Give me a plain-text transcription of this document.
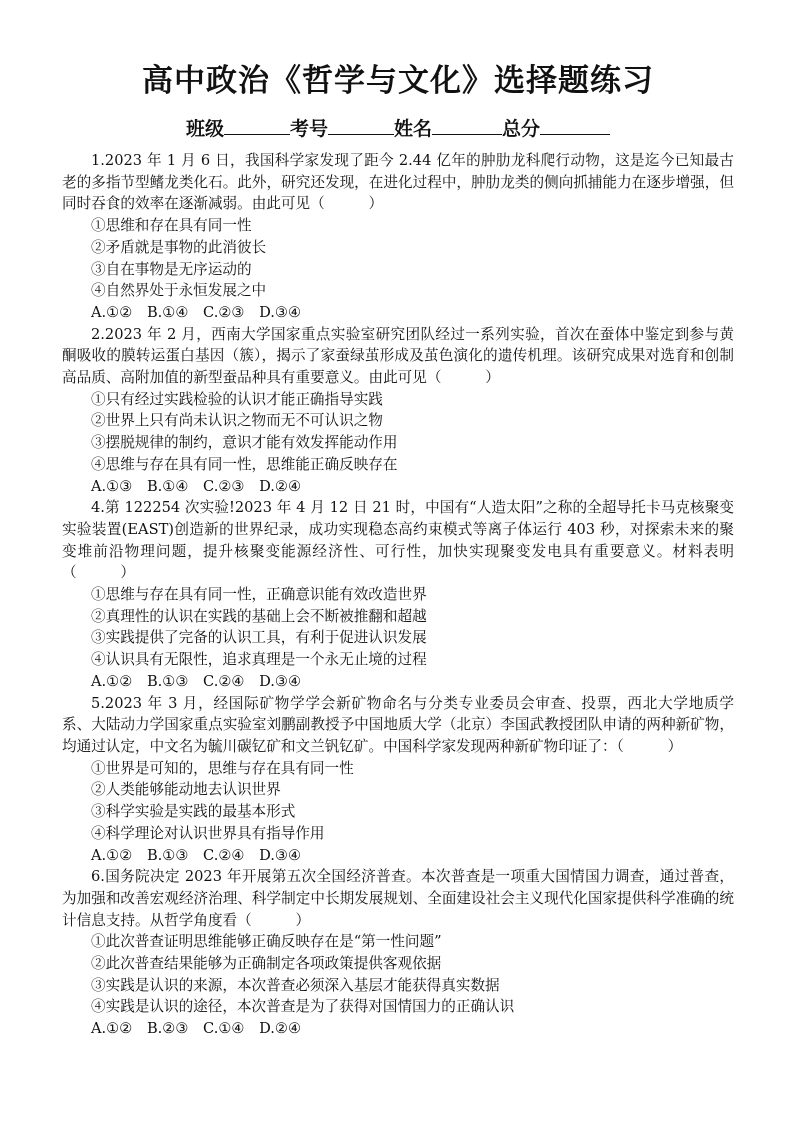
高中政治《哲学与文化》选择题练习
班级	考号	姓名	总分

1.2023 年 1 月 6 日，我国科学家发现了距今 2.44 亿年的肿肋龙科爬行动物，这是迄今已知最古老的多指节型鳍龙类化石。此外，研究还发现，在进化过程中，肿肋龙类的侧向抓捕能力在逐步增强，但同时吞食的效率在逐渐减弱。由此可见（　　　）

①思维和存在具有同一性

②矛盾就是事物的此消彼长

③自在事物是无序运动的

④自然界处于永恒发展之中

A.①②　B.①④　C.②③　D.③④

2.2023 年 2 月，西南大学国家重点实验室研究团队经过一系列实验，首次在蚕体中鉴定到参与黄酮吸收的膜转运蛋白基因（簇），揭示了家蚕绿茧形成及茧色演化的遗传机理。该研究成果对选育和创制高品质、高附加值的新型蚕品种具有重要意义。由此可见（　　　）

①只有经过实践检验的认识才能正确指导实践

②世界上只有尚未认识之物而无不可认识之物

③摆脱规律的制约，意识才能有效发挥能动作用

④思维与存在具有同一性，思维能正确反映存在

A.①③　B.①④　C.②③　D.②④

4.第 122254 次实验!2023 年 4 月 12 日 21 时，中国有“人造太阳”之称的全超导托卡马克核聚变实验装置(EAST)创造新的世界纪录，成功实现稳态高约束模式等离子体运行 403 秒，对探索未来的聚变堆前沿物理问题，提升核聚变能源经济性、可行性，加快实现聚变发电具有重要意义。材料表明（　　　）

①思维与存在具有同一性，正确意识能有效改造世界

②真理性的认识在实践的基础上会不断被推翻和超越

③实践提供了完备的认识工具，有利于促进认识发展

④认识具有无限性，追求真理是一个永无止境的过程

A.①②　B.①③　C.②④　D.③④

5.2023 年 3 月，经国际矿物学学会新矿物命名与分类专业委员会审查、投票，西北大学地质学系、大陆动力学国家重点实验室刘鹏副教授予中国地质大学（北京）李国武教授团队申请的两种新矿物，均通过认定，中文名为毓川碳钇矿和文兰钒钇矿。中国科学家发现两种新矿物印证了：（　　　）

①世界是可知的，思维与存在具有同一性

②人类能够能动地去认识世界

③科学实验是实践的最基本形式

④科学理论对认识世界具有指导作用

A.①②　B.①③　C.②④　D.③④

6.国务院决定 2023 年开展第五次全国经济普查。本次普查是一项重大国情国力调查，通过普查，为加强和改善宏观经济治理、科学制定中长期发展规划、全面建设社会主义现代化国家提供科学准确的统计信息支持。从哲学角度看（　　　）

①此次普查证明思维能够正确反映存在是“第一性问题”

②此次普查结果能够为正确制定各项政策提供客观依据

③实践是认识的来源，本次普查必须深入基层才能获得真实数据

④实践是认识的途径，本次普查是为了获得对国情国力的正确认识

A.①②　B.②③　C.①④　D.②④
